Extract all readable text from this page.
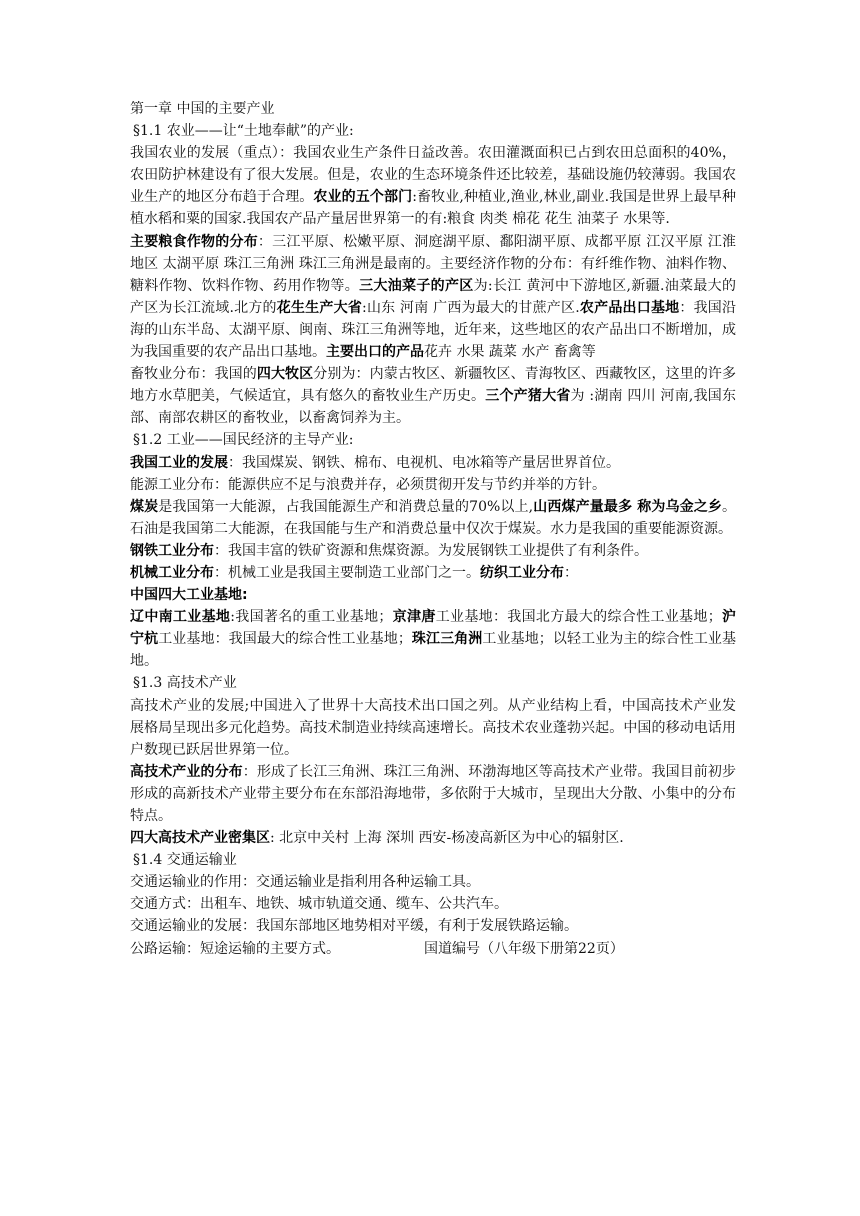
第一章 中国的主要产业
§1.1 农业——让“土地奉献”的产业:
我国农业的发展（重点）：我国农业生产条件日益改善。农田灌溉面积已占到农田总面积的40%，农田防护林建设有了很大发展。但是，农业的生态环境条件还比较差，基础设施仍较薄弱。我国农业生产的地区分布趋于合理。农业的五个部门:畜牧业,种植业,渔业,林业,副业.我国是世界上最早种植水稻和粟的国家.我国农产品产量居世界第一的有:粮食 肉类 棉花 花生 油菜子 水果等.
主要粮食作物的分布：三江平原、松嫩平原、洞庭湖平原、鄱阳湖平原、成都平原 江汉平原 江淮地区 太湖平原 珠江三角洲 珠江三角洲是最南的。主要经济作物的分布：有纤维作物、油料作物、糖料作物、饮料作物、药用作物等。三大油菜子的产区为:长江 黄河中下游地区,新疆.油菜最大的产区为长江流域.北方的花生生产大省:山东 河南 广西为最大的甘蔗产区.农产品出口基地：我国沿海的山东半岛、太湖平原、闽南、珠江三角洲等地，近年来，这些地区的农产品出口不断增加，成为我国重要的农产品出口基地。主要出口的产品花卉 水果 蔬菜 水产 畜禽等
畜牧业分布：我国的四大牧区分别为：内蒙古牧区、新疆牧区、青海牧区、西藏牧区，这里的许多地方水草肥美，气候适宜，具有悠久的畜牧业生产历史。三个产猪大省为 :湖南 四川 河南,我国东部、南部农耕区的畜牧业，以畜禽饲养为主。
§1.2 工业——国民经济的主导产业:
我国工业的发展：我国煤炭、钢铁、棉布、电视机、电冰箱等产量居世界首位。
能源工业分布：能源供应不足与浪费并存，必须贯彻开发与节约并举的方针。
煤炭是我国第一大能源，占我国能源生产和消费总量的70%以上,山西煤产量最多 称为乌金之乡。石油是我国第二大能源，在我国能与生产和消费总量中仅次于煤炭。水力是我国的重要能源资源。
钢铁工业分布：我国丰富的铁矿资源和焦煤资源。为发展钢铁工业提供了有利条件。
机械工业分布：机械工业是我国主要制造工业部门之一。纺织工业分布：
中国四大工业基地:
辽中南工业基地:我国著名的重工业基地；京津唐工业基地：我国北方最大的综合性工业基地；沪宁杭工业基地：我国最大的综合性工业基地；珠江三角洲工业基地；以轻工业为主的综合性工业基地。
§1.3 高技术产业
高技术产业的发展;中国进入了世界十大高技术出口国之列。从产业结构上看，中国高技术产业发展格局呈现出多元化趋势。高技术制造业持续高速增长。高技术农业蓬勃兴起。中国的移动电话用户数现已跃居世界第一位。
高技术产业的分布：形成了长江三角洲、珠江三角洲、环渤海地区等高技术产业带。我国目前初步形成的高新技术产业带主要分布在东部沿海地带，多依附于大城市，呈现出大分散、小集中的分布特点。
四大高技术产业密集区: 北京中关村 上海 深圳 西安-杨凌高新区为中心的辐射区.
§1.4 交通运输业
交通运输业的作用：交通运输业是指利用各种运输工具。
交通方式：出租车、地铁、城市轨道交通、缆车、公共汽车。
交通运输业的发展：我国东部地区地势相对平缓，有利于发展铁路运输。
公路运输：短途运输的主要方式。	国道编号（八年级下册第22页）
